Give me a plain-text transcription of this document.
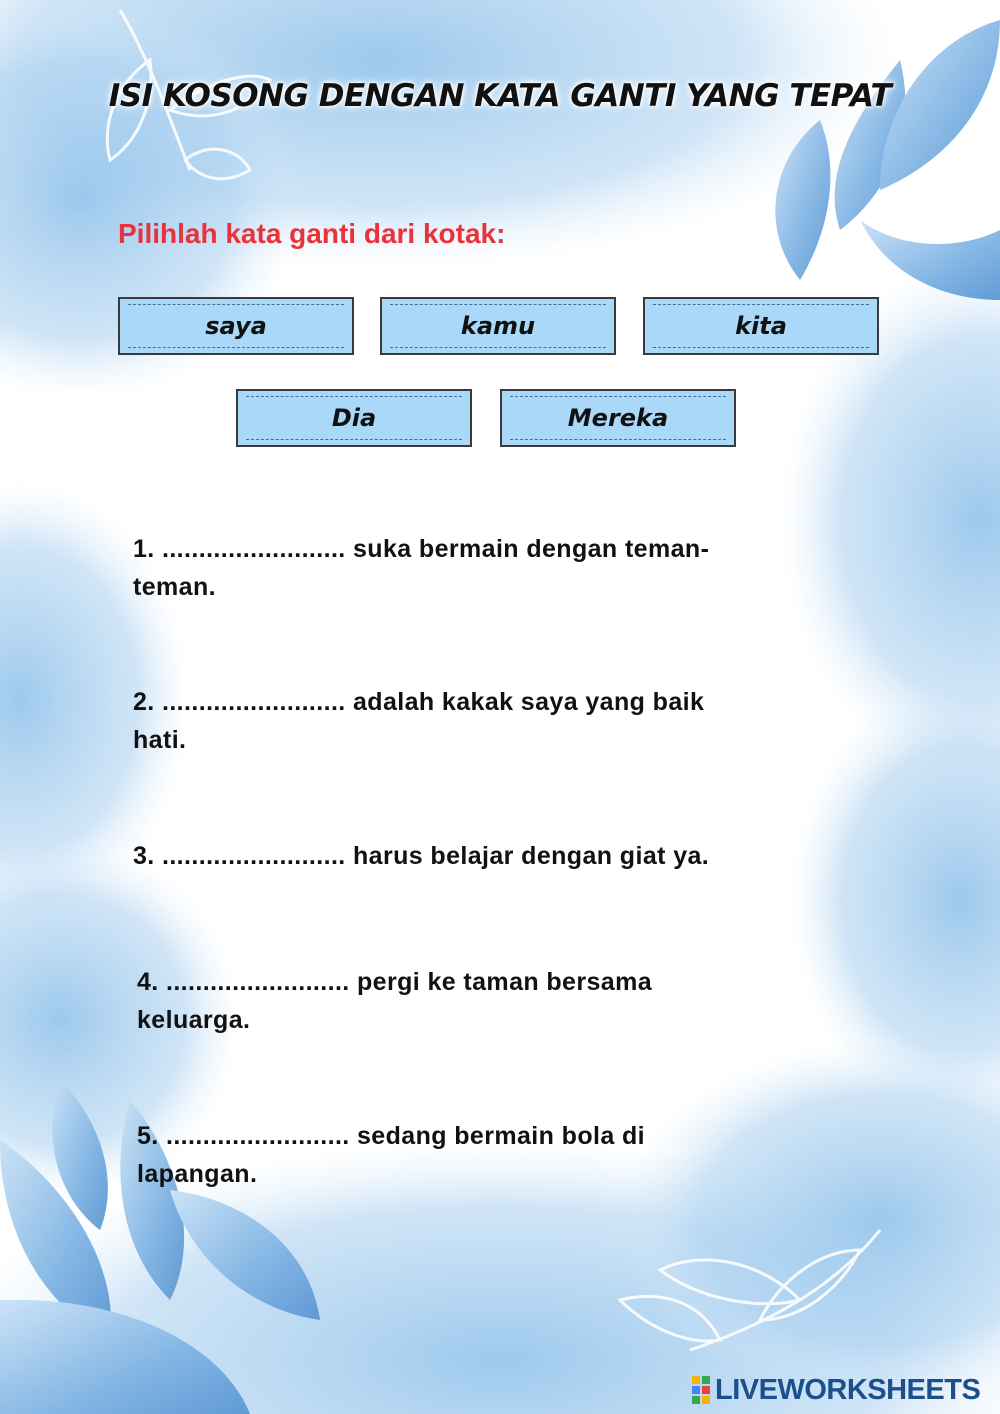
ISI KOSONG DENGAN KATA GANTI YANG TEPAT
Pilihlah kata ganti dari kotak:
saya	kamu	kita
Dia	Mereka
1. ......................... suka bermain dengan teman-
teman.
2. ......................... adalah kakak saya yang baik
hati.
3. ......................... harus belajar dengan giat ya.
4. ......................... pergi ke taman bersama
keluarga.
5. ......................... sedang bermain bola di
lapangan.
LIVEWORKSHEETS
